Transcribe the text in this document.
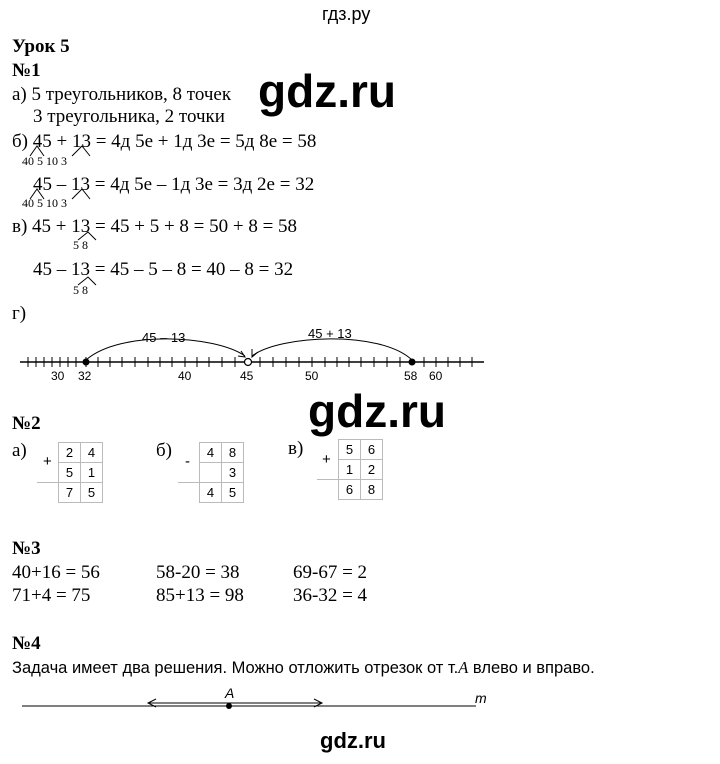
гдз.ру
Урок 5
№1
а) 5 треугольников, 8 точек gdz.ru
3 треугольника, 2 точки
б) 45 + 13 = 4д 5е + 1д 3е = 5д 8е = 58
40 5 10 3
45 – 13 = 4д 5е – 1д 3е = 3д 2е = 32
40 5 10 3
в) 45 + 13 = 45 + 5 + 8 = 50 + 8 = 58
5 8
45 – 13 = 45 – 5 – 8 = 40 – 8 = 32
5 8
г)
45 – 13	45 + 13
30 32	40	45	50	58 60
gdz.ru
№2
а)
+
	2	4
	5	1
	7	5
б)
-
	4	8
		3
	4	5
в)
+
	5	6
	1	2
	6	8
№3
40+16 = 56	58-20 = 38	69-67 = 2
71+4 = 75	85+13 = 98	36-32 = 4
№4
Задача имеет два решения. Можно отложить отрезок от т.A влево и вправо.
A	m
gdz.ru
